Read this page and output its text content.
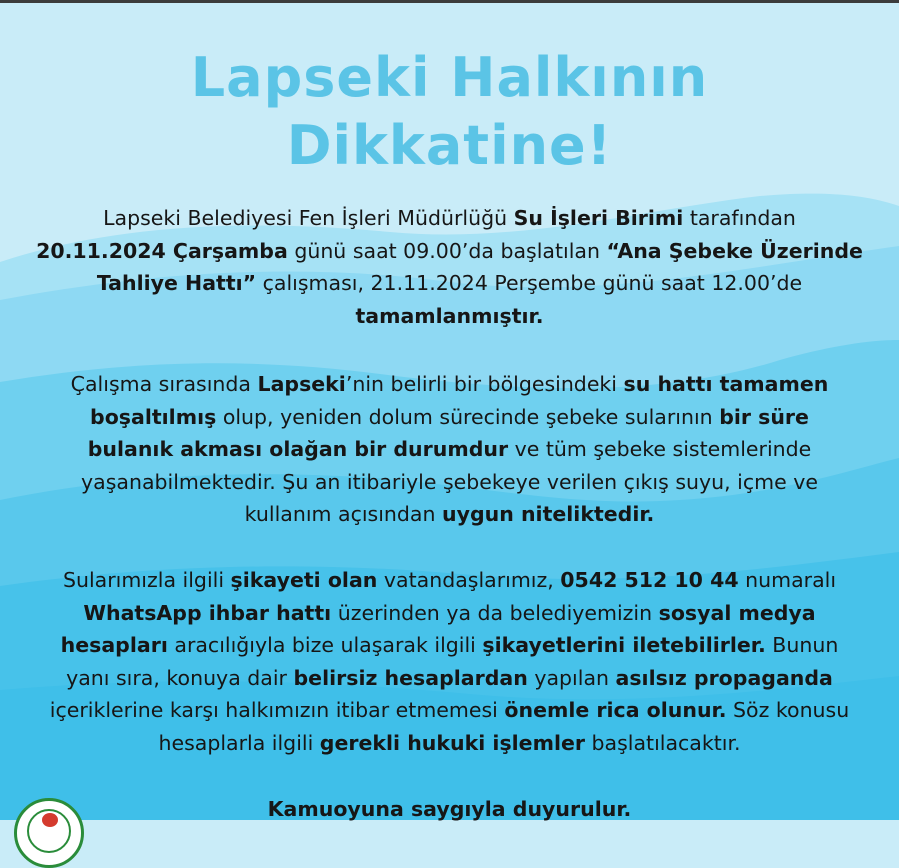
Lapseki Halkının
Dikkatine!

Lapseki Belediyesi Fen İşleri Müdürlüğü Su İşleri Birimi tarafından
20.11.2024 Çarşamba günü saat 09.00’da başlatılan “Ana Şebeke Üzerinde
Tahliye Hattı” çalışması, 21.11.2024 Perşembe günü saat 12.00’de
tamamlanmıştır.

Çalışma sırasında Lapseki’nin belirli bir bölgesindeki su hattı tamamen
boşaltılmış olup, yeniden dolum sürecinde şebeke sularının bir süre
bulanık akması olağan bir durumdur ve tüm şebeke sistemlerinde
yaşanabilmektedir. Şu an itibariyle şebekeye verilen çıkış suyu, içme ve
kullanım açısından uygun niteliktedir.

Sularımızla ilgili şikayeti olan vatandaşlarımız, 0542 512 10 44 numaralı
WhatsApp ihbar hattı üzerinden ya da belediyemizin sosyal medya
hesapları aracılığıyla bize ulaşarak ilgili şikayetlerini iletebilirler. Bunun
yanı sıra, konuya dair belirsiz hesaplardan yapılan asılsız propaganda
içeriklerine karşı halkımızın itibar etmemesi önemle rica olunur. Söz konusu
hesaplarla ilgili gerekli hukuki işlemler başlatılacaktır.

Kamuoyuna saygıyla duyurulur.
